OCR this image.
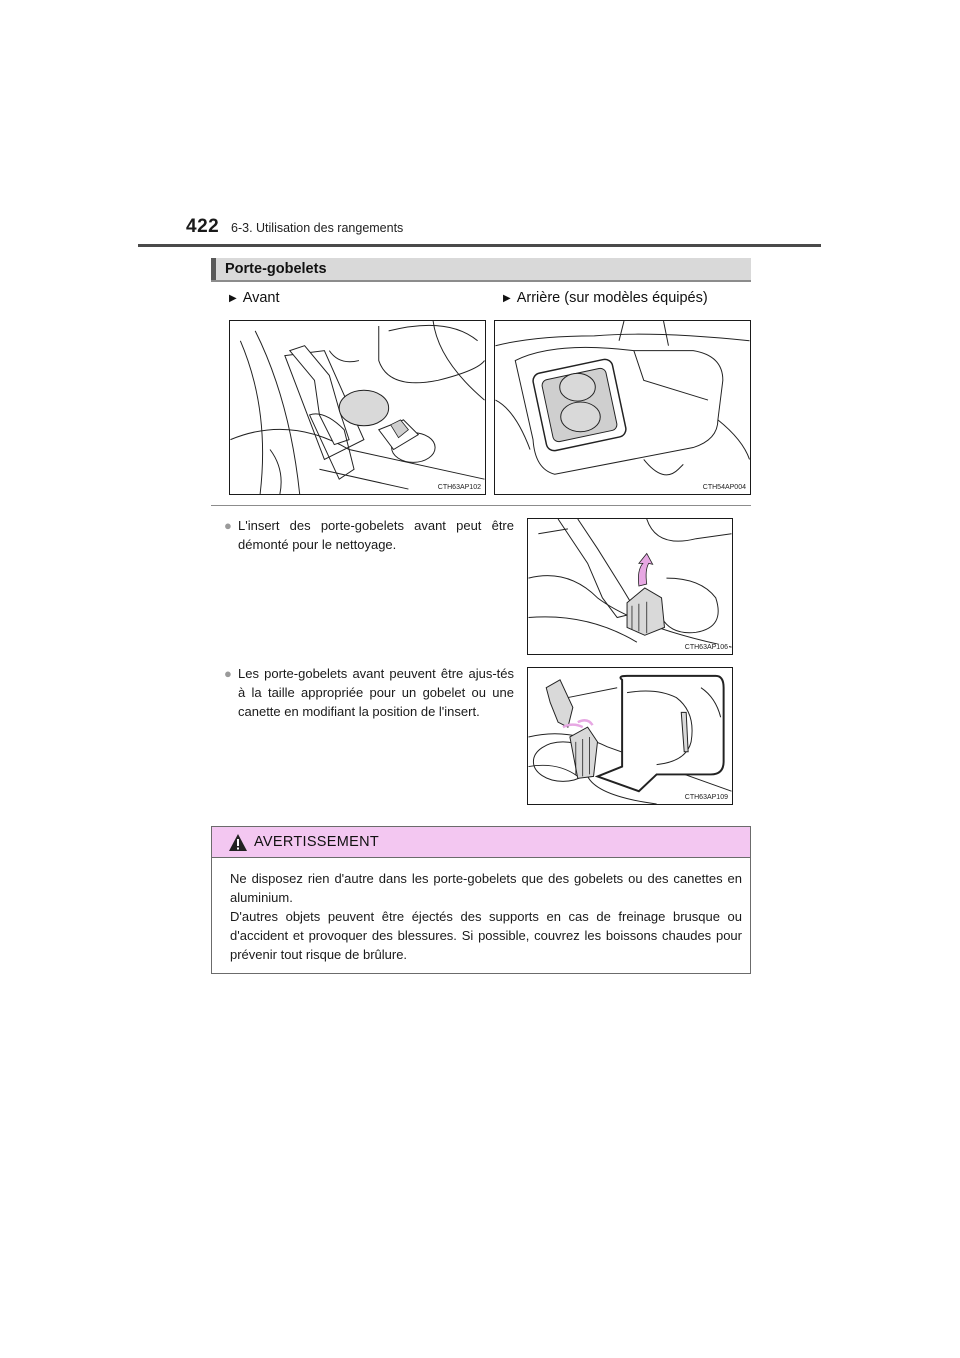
422 6-3. Utilisation des rangements
Porte-gobelets
▶ Avant	▶ Arrière (sur modèles équipés)
CTH63AP102	CTH54AP004
● L'insert des porte-gobelets avant peut être démonté pour le nettoyage.
CTH63AP106
● Les porte-gobelets avant peuvent être ajus-tés à la taille appropriée pour un gobelet ou une canette en modifiant la position de l'insert.
CTH63AP109
AVERTISSEMENT

Ne disposez rien d'autre dans les porte-gobelets que des gobelets ou des canettes en aluminium.

D'autres objets peuvent être éjectés des supports en cas de freinage brusque ou d'accident et provoquer des blessures. Si possible, couvrez les boissons chaudes pour prévenir tout risque de brûlure.
